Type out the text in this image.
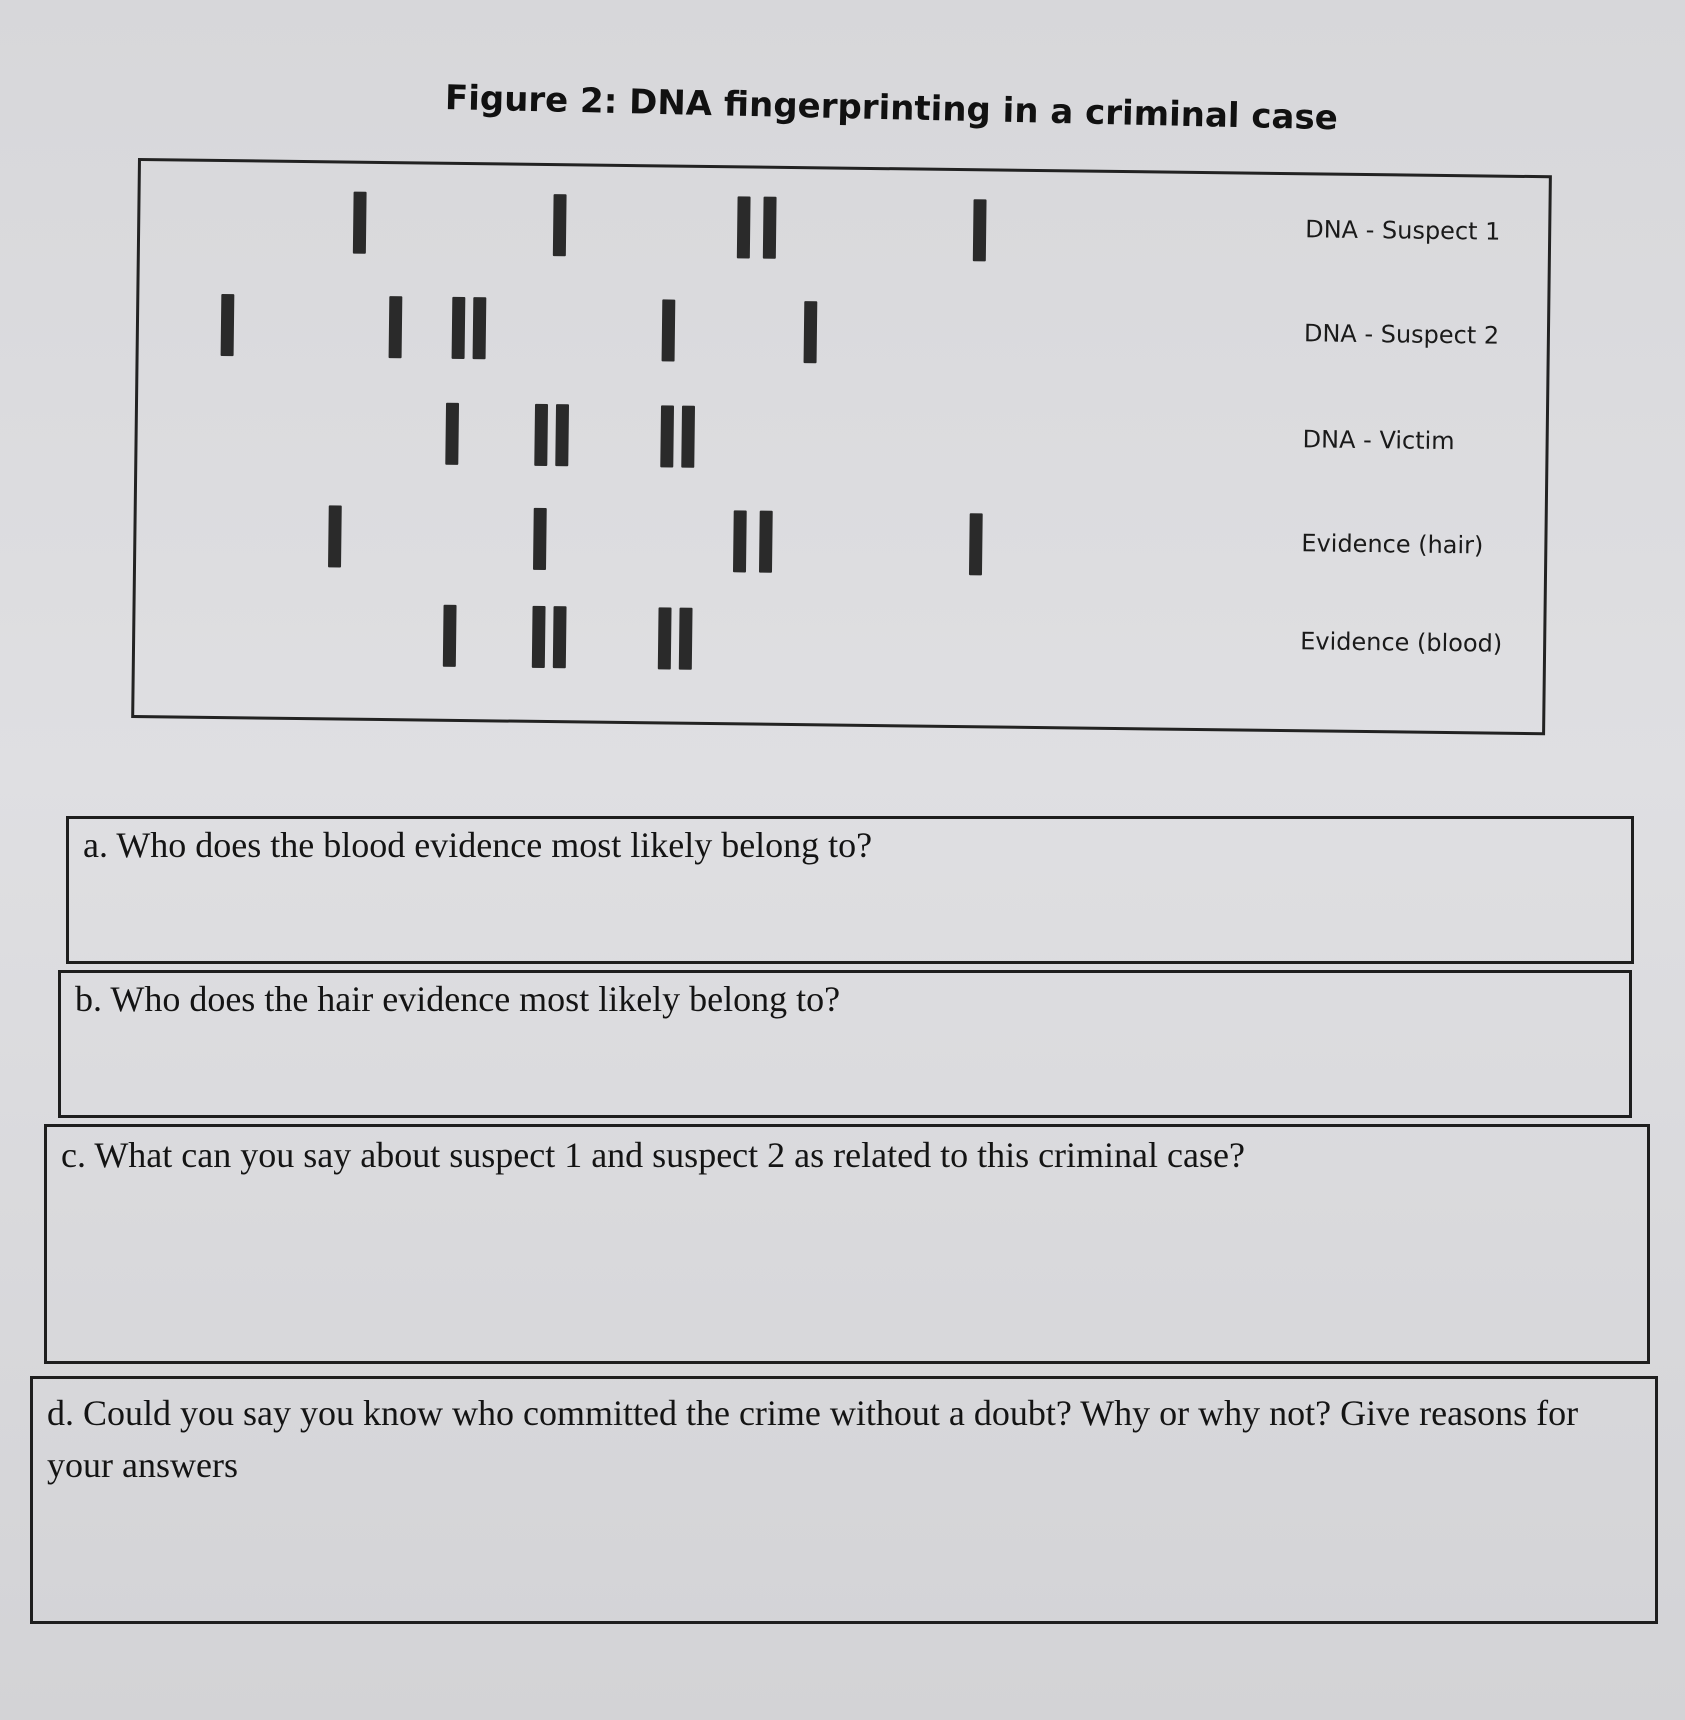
Figure 2: DNA fingerprinting in a criminal case
DNA - Suspect 1
DNA - Suspect 2
DNA - Victim
Evidence (hair)
Evidence (blood)
a. Who does the blood evidence most likely belong to?
b. Who does the hair evidence most likely belong to?
c. What can you say about suspect 1 and suspect 2 as related to this criminal case?
d. Could you say you know who committed the crime without a doubt? Why or why not? Give reasons for your answers
